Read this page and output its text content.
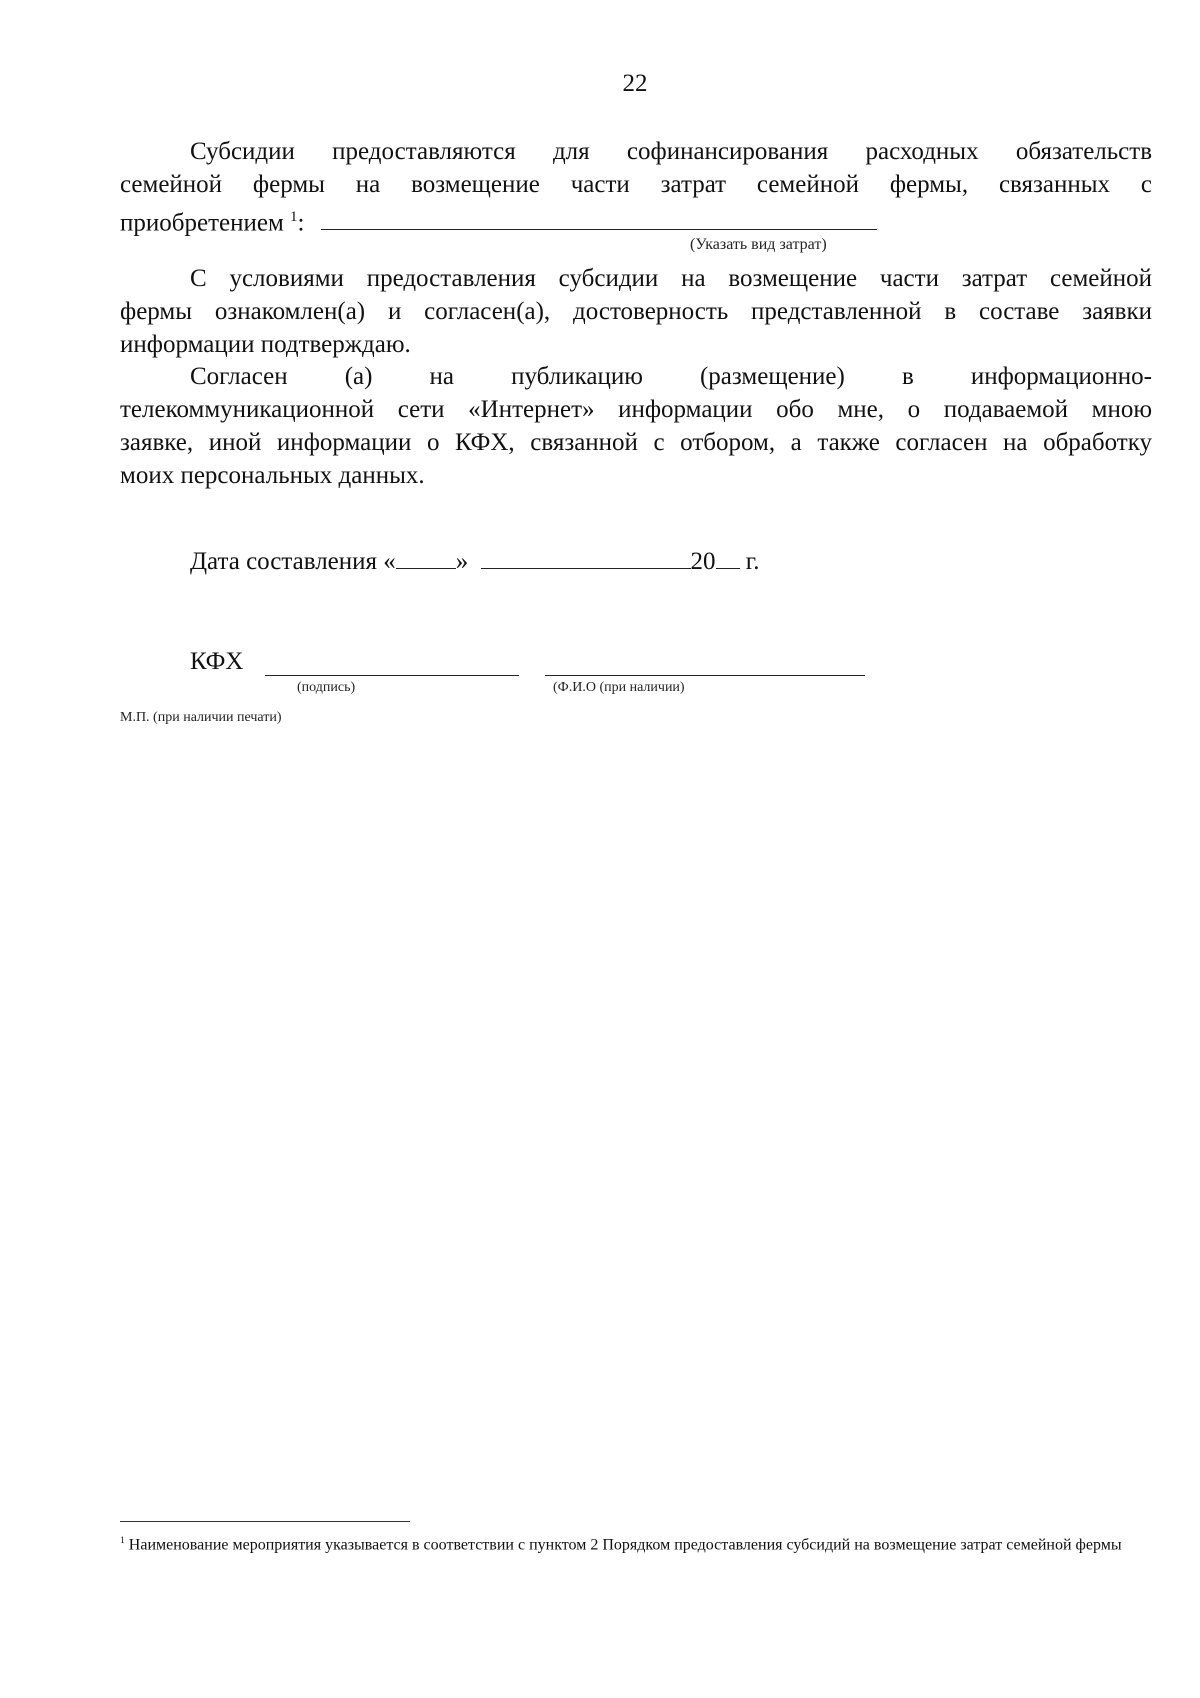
22
Субсидии предоставляются для софинансирования расходных обязательств
семейной фермы на возмещение части затрат семейной фермы, связанных с
приобретением $^1$:
(Указать вид затрат)
С условиями предоставления субсидии на возмещение части затрат семейной
фермы ознакомлен(а) и согласен(а), достоверность представленной в составе заявки
информации подтверждаю.
Согласен (а) на публикацию (размещение) в информационно-
телекоммуникационной сети «Интернет» информации обо мне, о подаваемой мною
заявке, иной информации о КФХ, связанной с отбором, а также согласен на обработку
моих персональных данных.
Дата составления « »	20 г.
КФХ
(подпись)	(Ф.И.О (при наличии)
М.П. (при наличии печати)
$^1$ Наименование мероприятия указывается в соответствии с пунктом 2 Порядком предоставления субсидий на возмещение затрат семейной фермы
